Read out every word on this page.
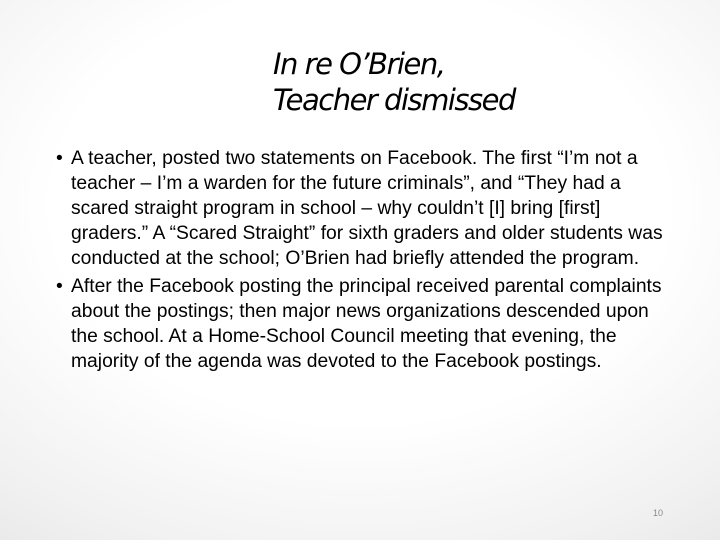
In re O’Brien,
Teacher dismissed
• A teacher, posted two statements on Facebook. The first “I’m not a teacher – I’m a warden for the future criminals”, and “They had a scared straight program in school – why couldn’t [I] bring [first] graders.” A “Scared Straight” for sixth graders and older students was conducted at the school; O’Brien had briefly attended the program.
• After the Facebook posting the principal received parental complaints about the postings; then major news organizations descended upon the school. At a Home-School Council meeting that evening, the majority of the agenda was devoted to the Facebook postings.
10
